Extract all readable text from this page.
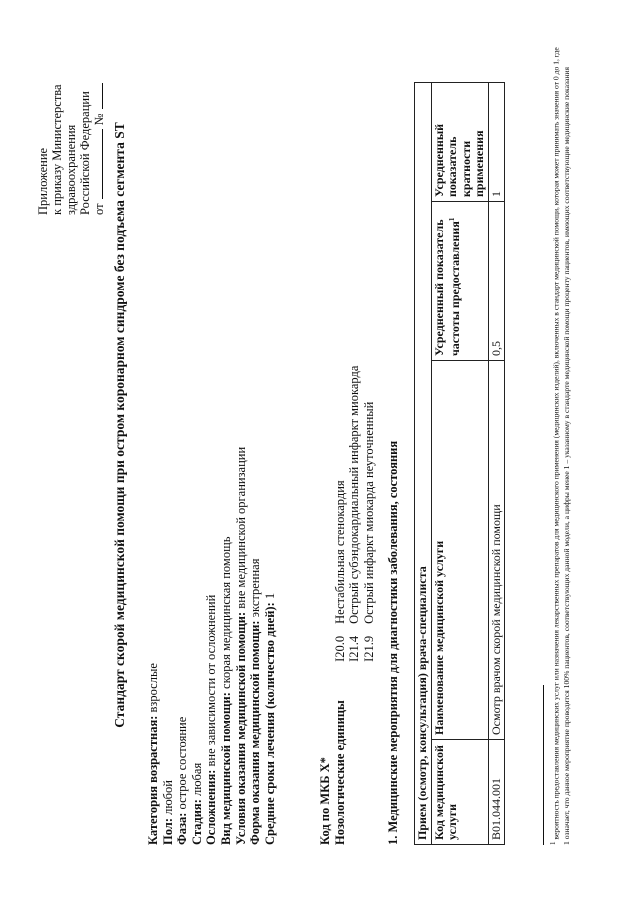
Приложение к приказу Министерства здравоохранения Российской Федерации от№
Стандарт скорой медицинской помощи при остром коронарном синдроме без подъема сегмента ST
Категория возрастная: взрослые
Пол: любой
Фаза: острое состояние
Стадия: любая Осложнения: вне зависимости от осложнений
Вид медицинской помощи: скорая медицинская помощь Условия оказания медицинской помощи: вне медицинской организации
Форма оказания медицинской помощи: экстренная
Средние сроки лечения (количество дней): 1
Код по МКБ X* Нозологические единицы
I20.0Нестабильная стенокардия
I21.4Острый субэндокардиальный инфаркт миокарда
I21.9Острый инфаркт миокарда неуточненный 1. Медицинские мероприятия для диагностики заболевания, состояния Прием (осмотр, консультация) врача-специалиста			
Код медицинской услуги	Наименование медицинской услуги	Усредненный показатель частоты предоставления$^1$	Усредненный показатель кратности применения
B01.044.001	Осмотр врачом скорой медицинской помощи	0,5	1
$^1$ вероятность предоставления медицинских услуг или назначения лекарственных препаратов для медицинского применения (медицинских изделий), включенных в стандарт медицинской помощи, которая может принимать значения от 0 до 1, где 1 означает, что данное мероприятие проводится 100% пациентов, соответствующих данной модели, а цифры менее 1 – указанному в стандарте медицинской помощи проценту пациентов, имеющих соответствующие медицинские показания
